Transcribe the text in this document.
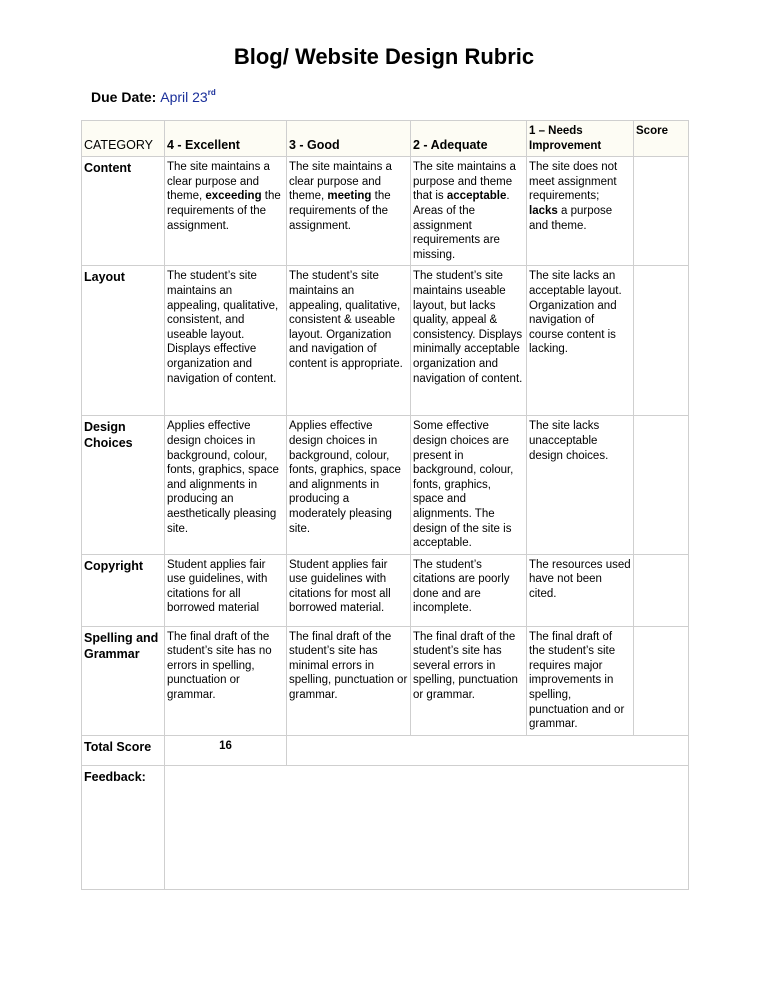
Blog/ Website Design Rubric
Due Date: April 23rd
CATEGORY	4 - Excellent	3 - Good	2 - Adequate	1 – Needs Improvement	Score
Content	The site maintains a clear purpose and theme, exceeding the requirements of the assignment.	The site maintains a clear purpose and theme, meeting the requirements of the assignment.	The site maintains a purpose and theme that is acceptable. Areas of the assignment requirements are missing.	The site does not meet assignment requirements; lacks a purpose and theme.	
Layout	The student’s site maintains an appealing, qualitative, consistent, and useable layout. Displays effective organization and navigation of content.	The student’s site maintains an appealing, qualitative, consistent & useable layout. Organization and navigation of content is appropriate.	The student’s site maintains useable layout, but lacks quality, appeal & consistency. Displays minimally acceptable organization and navigation of content.	The site lacks an acceptable layout. Organization and navigation of course content is lacking.	
Design Choices	Applies effective design choices in background, colour, fonts, graphics, space and alignments in producing an aesthetically pleasing site.	Applies effective design choices in background, colour, fonts, graphics, space and alignments in producing a moderately pleasing site.	Some effective design choices are present in background, colour, fonts, graphics, space and alignments. The design of the site is acceptable.	The site lacks unacceptable design choices.	
Copyright	Student applies fair use guidelines, with citations for all borrowed material	Student applies fair use guidelines with citations for most all borrowed material.	The student’s citations are poorly done and are incomplete.	The resources used have not been cited.	
Spelling and Grammar	The final draft of the student’s site has no errors in spelling, punctuation or grammar.	The final draft of the student’s site has minimal errors in spelling, punctuation or grammar.	The final draft of the student’s site has several errors in spelling, punctuation or grammar.	The final draft of the student’s site requires major improvements in spelling, punctuation and or grammar.	
Total Score	16				
Feedback:					
